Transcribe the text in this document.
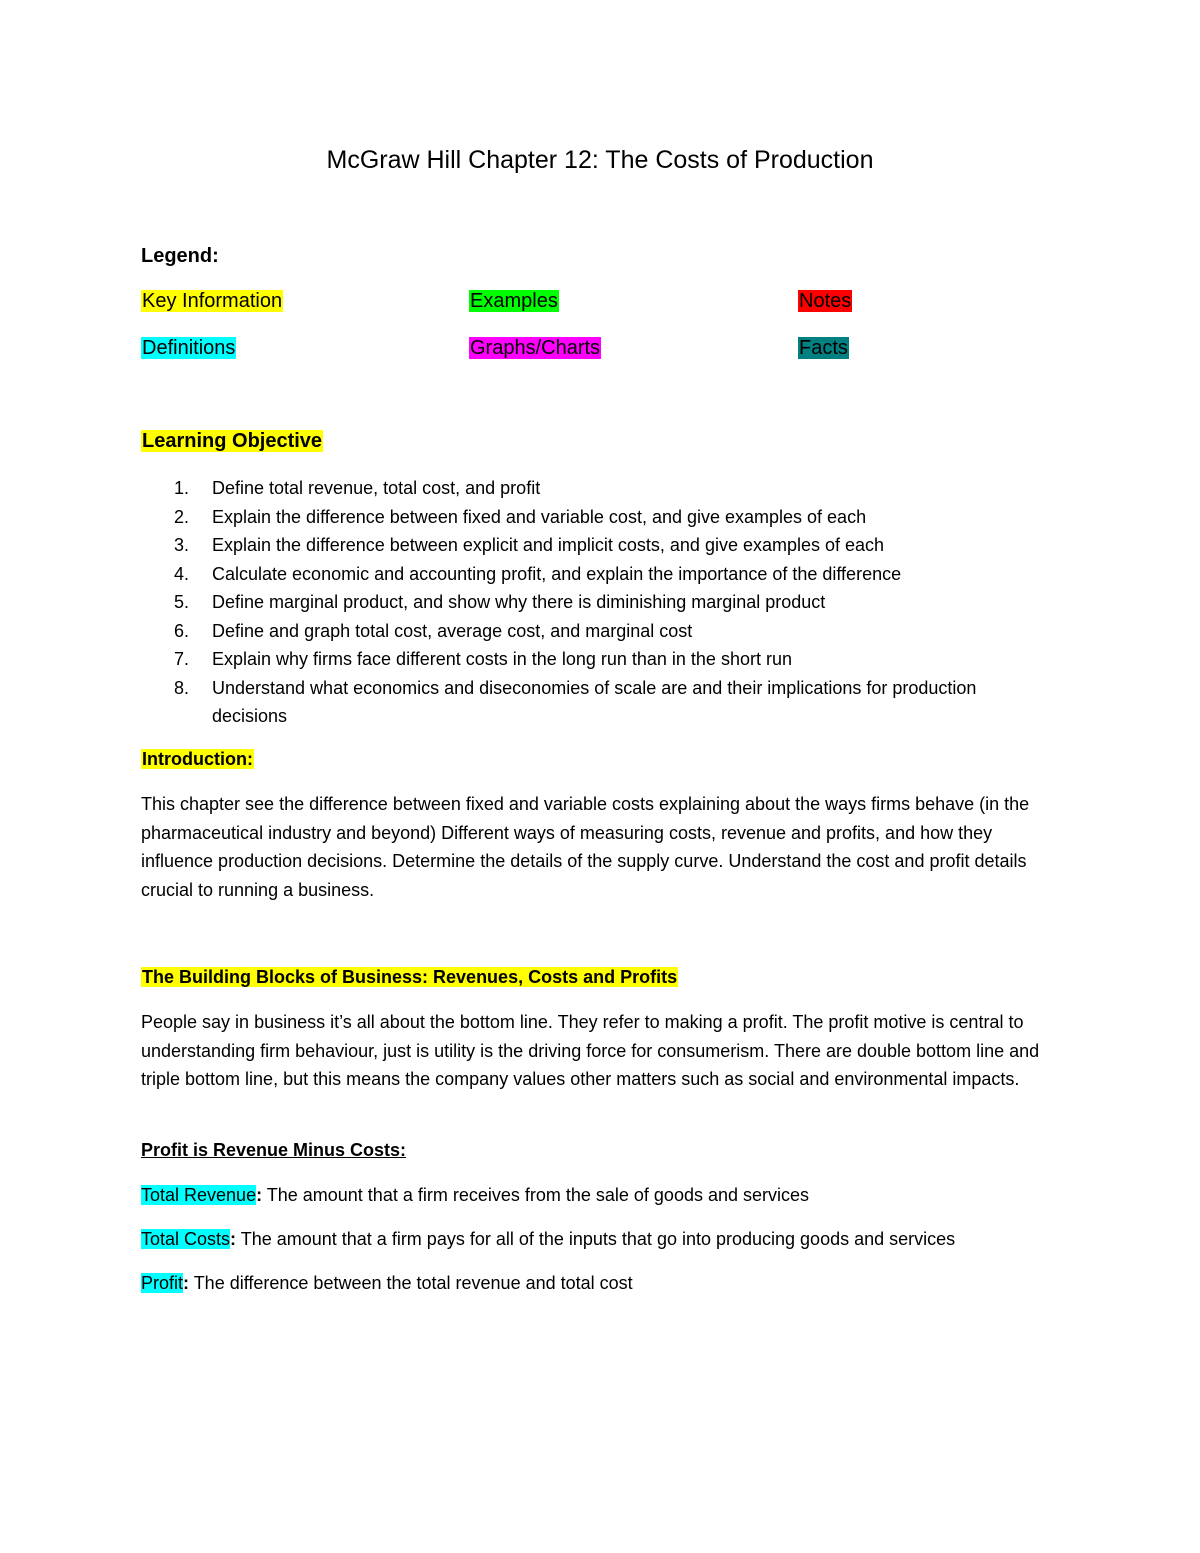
McGraw Hill Chapter 12: The Costs of Production
Legend:
Key Information	Examples	Notes
Definitions	Graphs/Charts	Facts
Learning Objective
1. Define total revenue, total cost, and profit
2. Explain the difference between fixed and variable cost, and give examples of each
3. Explain the difference between explicit and implicit costs, and give examples of each
4. Calculate economic and accounting profit, and explain the importance of the difference
5. Define marginal product, and show why there is diminishing marginal product
6. Define and graph total cost, average cost, and marginal cost
7. Explain why firms face different costs in the long run than in the short run
8. Understand what economics and diseconomies of scale are and their implications for production decisions
Introduction:
This chapter see the difference between fixed and variable costs explaining about the ways firms behave (in the pharmaceutical industry and beyond) Different ways of measuring costs, revenue and profits, and how they influence production decisions. Determine the details of the supply curve. Understand the cost and profit details crucial to running a business.
The Building Blocks of Business: Revenues, Costs and Profits
People say in business it’s all about the bottom line. They refer to making a profit. The profit motive is central to understanding firm behaviour, just is utility is the driving force for consumerism. There are double bottom line and triple bottom line, but this means the company values other matters such as social and environmental impacts.
Profit is Revenue Minus Costs:
Total Revenue: The amount that a firm receives from the sale of goods and services
Total Costs: The amount that a firm pays for all of the inputs that go into producing goods and services
Profit: The difference between the total revenue and total cost
